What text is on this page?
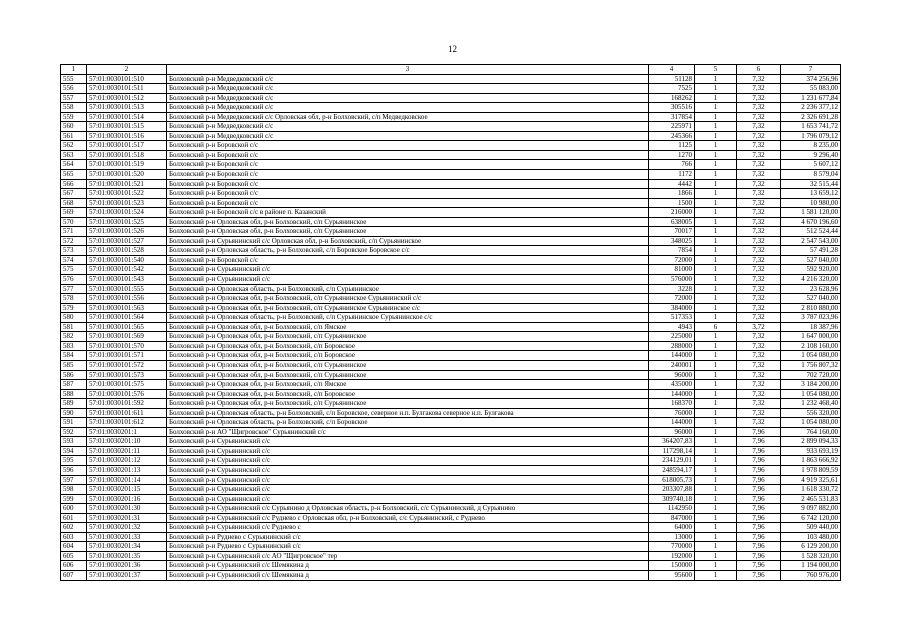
12
1	2	3	4	5	6	7
555	57:01:0030101:510	Болховский р-н Медведковский с/с	51128	1	7,32	374 256,96
556	57:01:0030101:511	Болховский р-н Медведковский с/с	7525	1	7,32	55 083,00
557	57:01:0030101:512	Болховский р-н Медведковский с/с	168262	1	7,32	1 231 677,84
558	57:01:0030101:513	Болховский р-н Медведковский с/с	305516	1	7,32	2 236 377,12
559	57:01:0030101:514	Болховский р-н Медведковский с/с Орловская обл, р-н Болховский, с/п Медведковское	317854	1	7,32	2 326 691,28
560	57:01:0030101:515	Болховский р-н Медведковский с/с	225971	1	7,32	1 653 741,72
561	57:01:0030101:516	Болховский р-н Медведковский с/с	245366	1	7,32	1 796 079,12
562	57:01:0030101:517	Болховский р-н Боровской с/с	1125	1	7,32	8 235,00
563	57:01:0030101:518	Болховский р-н Боровской с/с	1270	1	7,32	9 296,40
564	57:01:0030101:519	Болховский р-н Боровской с/с	766	1	7,32	5 607,12
565	57:01:0030101:520	Болховский р-н Боровской с/с	1172	1	7,32	8 579,04
566	57:01:0030101:521	Болховский р-н Боровской с/с	4442	1	7,32	32 515,44
567	57:01:0030101:522	Болховский р-н Боровской с/с	1866	1	7,32	13 659,12
568	57:01:0030101:523	Болховский р-н Боровской с/с	1500	1	7,32	10 980,00
569	57:01:0030101:524	Болховский р-н Боровской с/с в районе п. Казанский	216000	1	7,32	1 581 120,00
570	57:01:0030101:525	Болховский р-н Орловская обл, р-н Болховский, с/п Сурьянинское	638005	1	7,32	4 670 196,60
571	57:01:0030101:526	Болховский р-н Орловская обл, р-н Болховский, с/п Сурьянинское	70017	1	7,32	512 524,44
572	57:01:0030101:527	Болховский р-н Сурьянинский с/с Орловская обл, р-н Болховский, с/п Сурьянинское	348025	1	7,32	2 547 543,00
573	57:01:0030101:528	Болховский р-н Орловская область, р-н Болховский, с/п Боровское Боровское с/с	7854	1	7,32	57 491,28
574	57:01:0030101:540	Болховский р-н Боровской с/с	72000	1	7,32	527 040,00
575	57:01:0030101:542	Болховский р-н Сурьянинский с/с	81000	1	7,32	592 920,00
576	57:01:0030101:543	Болховский р-н Сурьянинский с/с	576000	1	7,32	4 216 320,00
577	57:01:0030101:555	Болховский р-н Орловская область, р-н Болховский, с/п Сурьянинское	3228	1	7,32	23 628,96
578	57:01:0030101:556	Болховский р-н Орловская обл, р-н Болховский, с/п Сурьянинское Сурьянинский с/с	72000	1	7,32	527 040,00
579	57:01:0030101:563	Болховский р-н Орловская обл, р-н Болховский, с/п Сурьянинское Сурьянинское с/с	384000	1	7,32	2 810 880,00
580	57:01:0030101:564	Болховский р-н Орловская область, р-н Болховский, с/п Сурьянинское Сурьянинское с/с	517353	1	7,32	3 787 023,96
581	57:01:0030101:565	Болховский р-н Орловская обл, р-н Болховский, с/п Ямское	4943	6	3,72	18 387,96
582	57:01:0030101:569	Болховский р-н Орловская обл, р-н Болховский, с/п Сурьянинское	225000	1	7,32	1 647 000,00
583	57:01:0030101:570	Болховский р-н Орловская обл, р-н Болховский, с/п Боровское	288000	1	7,32	2 108 160,00
584	57:01:0030101:571	Болховский р-н Орловская обл, р-н Болховский, с/п Боровское	144000	1	7,32	1 054 080,00
585	57:01:0030101:572	Болховский р-н Орловская обл, р-н Болховский, с/п Сурьянинское	240001	1	7,32	1 756 807,32
586	57:01:0030101:573	Болховский р-н Орловская обл, р-н Болховский, с/п Сурьянинское	96000	1	7,32	702 720,00
587	57:01:0030101:575	Болховский р-н Орловская обл, р-н Болховский, с/п Ямское	435000	1	7,32	3 184 200,00
588	57:01:0030101:576	Болховский р-н Орловская обл, р-н Болховский, с/п Боровское	144000	1	7,32	1 054 080,00
589	57:01:0030101:592	Болховский р-н Орловская обл, р-н Болховский, с/п Сурьянинское	168370	1	7,32	1 232 468,40
590	57:01:0030101:611	Болховский р-н Орловская область, р-н Болховский, с/п Боровское, северное н.п. Булгакова северное н.п. Булгакова	76000	1	7,32	556 320,00
591	57:01:0030101:612	Болховский р-н Орловская область, р-н Болховский, с/п Боровское	144000	1	7,32	1 054 080,00
592	57:01:0030201:1	Болховский р-н АО "Щигровское" Сурьянинский с/с	96000	1	7,96	764 160,00
593	57:01:0030201:10	Болховский р-н Сурьянинский с/с	364207,83	1	7,96	2 899 094,33
594	57:01:0030201:11	Болховский р-н Сурьянинский с/с	117298,14	1	7,96	933 693,19
595	57:01:0030201:12	Болховский р-н Сурьянинский с/с	234129,01	1	7,96	1 863 666,92
596	57:01:0030201:13	Болховский р-н Сурьянинский с/с	248594,17	1	7,96	1 978 809,59
597	57:01:0030201:14	Болховский р-н Сурьянинский с/с	618005,73	1	7,96	4 919 325,61
598	57:01:0030201:15	Болховский р-н Сурьянинский с/с	203307,88	1	7,96	1 618 330,72
599	57:01:0030201:16	Болховский р-н Сурьянинский с/с	309740,18	1	7,96	2 465 531,83
600	57:01:0030201:30	Болховский р-н Сурьянинский с/с Сурьянино д Орловская область, р-н Болховский, с/с Сурьянинский, д Сурьянино	1142950	1	7,96	9 097 882,00
601	57:01:0030201:31	Болховский р-н Сурьянинский с/с Руднево с Орловская обл, р-н Болховский, с/с Сурьянинский, с Руднево	847000	1	7,96	6 742 120,00
602	57:01:0030201:32	Болховский р-н Сурьянинский с/с Руднево с	64000	1	7,96	509 440,00
603	57:01:0030201:33	Болховский р-н Руднево с Сурьянинский с/с	13000	1	7,96	103 480,00
604	57:01:0030201:34	Болховский р-н Руднево с Сурьянинский с/с	770000	1	7,96	6 129 200,00
605	57:01:0030201:35	Болховский р-н Сурьянинский с/с АО "Щигровское" тер	192000	1	7,96	1 528 320,00
606	57:01:0030201:36	Болховский р-н Сурьянинский с/с Шемякина д	150000	1	7,96	1 194 000,00
607	57:01:0030201:37	Болховский р-н Сурьянинский с/с Шемякина д	95600	1	7,96	760 976,00
